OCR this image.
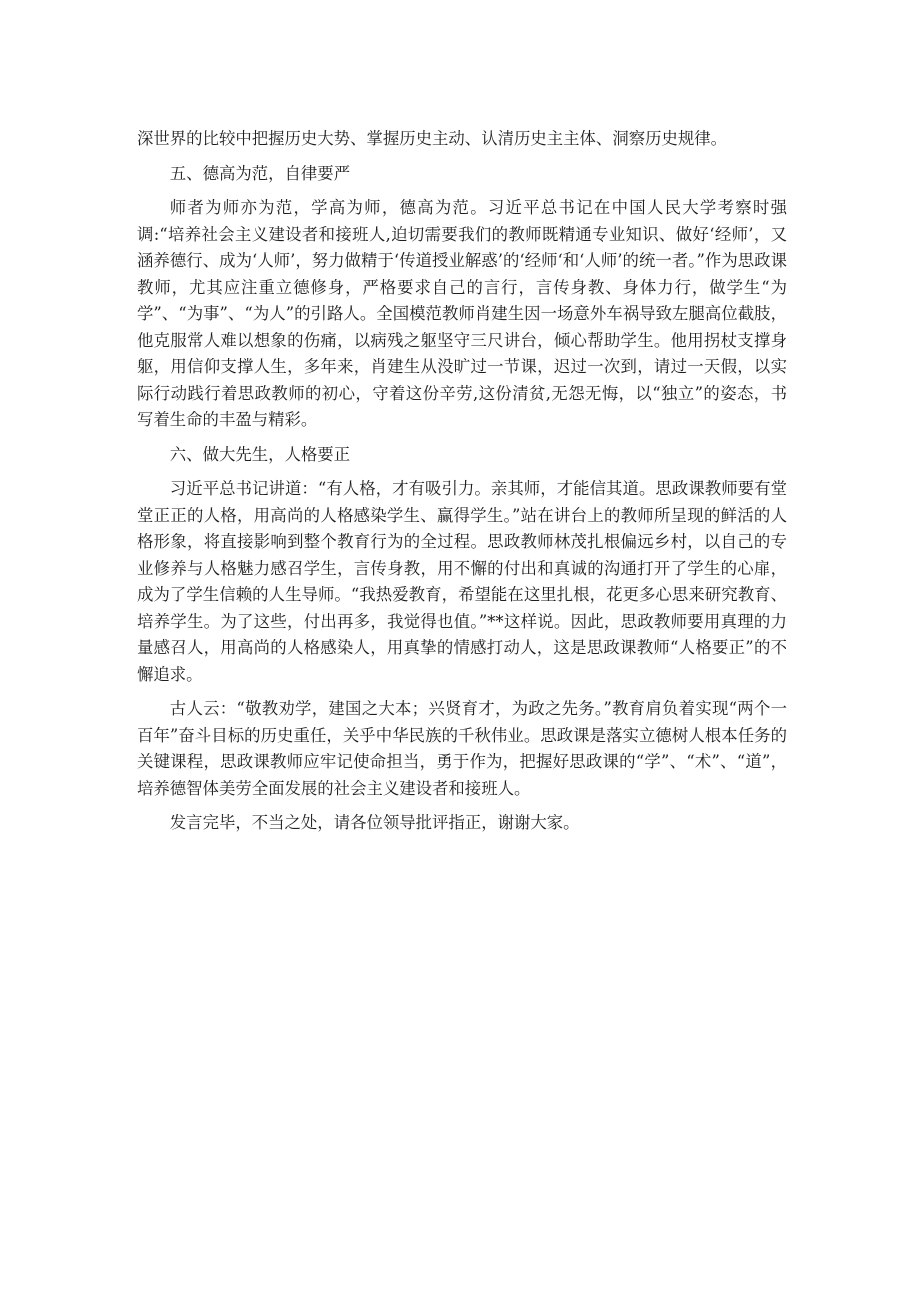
深世界的比较中把握历史大势、掌握历史主动、认清历史主主体、洞察历史规律。

五、德高为范，自律要严

师者为师亦为范，学高为师，德高为范。习近平总书记在中国人民大学考察时强调:“培养社会主义建设者和接班人,迫切需要我们的教师既精通专业知识、做好‘经师’，又涵养德行、成为‘人师’，努力做精于‘传道授业解惑’的‘经师‘和‘人师’的统一者。”作为思政课教师，尤其应注重立德修身，严格要求自己的言行，言传身教、身体力行，做学生“为学”、“为事”、“为人”的引路人。全国模范教师肖建生因一场意外车祸导致左腿高位截肢，他克服常人难以想象的伤痛，以病残之躯坚守三尺讲台，倾心帮助学生。他用拐杖支撑身躯，用信仰支撑人生，多年来，肖建生从没旷过一节课，迟过一次到，请过一天假，以实际行动践行着思政教师的初心，守着这份辛劳,这份清贫,无怨无悔，以“独立”的姿态，书写着生命的丰盈与精彩。

六、做大先生，人格要正

习近平总书记讲道：“有人格，才有吸引力。亲其师，才能信其道。思政课教师要有堂堂正正的人格，用高尚的人格感染学生、赢得学生。”站在讲台上的教师所呈现的鲜活的人格形象，将直接影响到整个教育行为的全过程。思政教师林茂扎根偏远乡村，以自己的专业修养与人格魅力感召学生，言传身教，用不懈的付出和真诚的沟通打开了学生的心扉，成为了学生信赖的人生导师。“我热爱教育，希望能在这里扎根，花更多心思来研究教育、培养学生。为了这些，付出再多，我觉得也值。”**这样说。因此，思政教师要用真理的力量感召人，用高尚的人格感染人，用真挚的情感打动人，这是思政课教师“人格要正”的不懈追求。

古人云：“敬教劝学，建国之大本；兴贤育才，为政之先务。”教育肩负着实现“两个一百年”奋斗目标的历史重任，关乎中华民族的千秋伟业。思政课是落实立德树人根本任务的关键课程，思政课教师应牢记使命担当，勇于作为，把握好思政课的“学”、“术”、“道”，培养德智体美劳全面发展的社会主义建设者和接班人。

发言完毕，不当之处，请各位领导批评指正，谢谢大家。
